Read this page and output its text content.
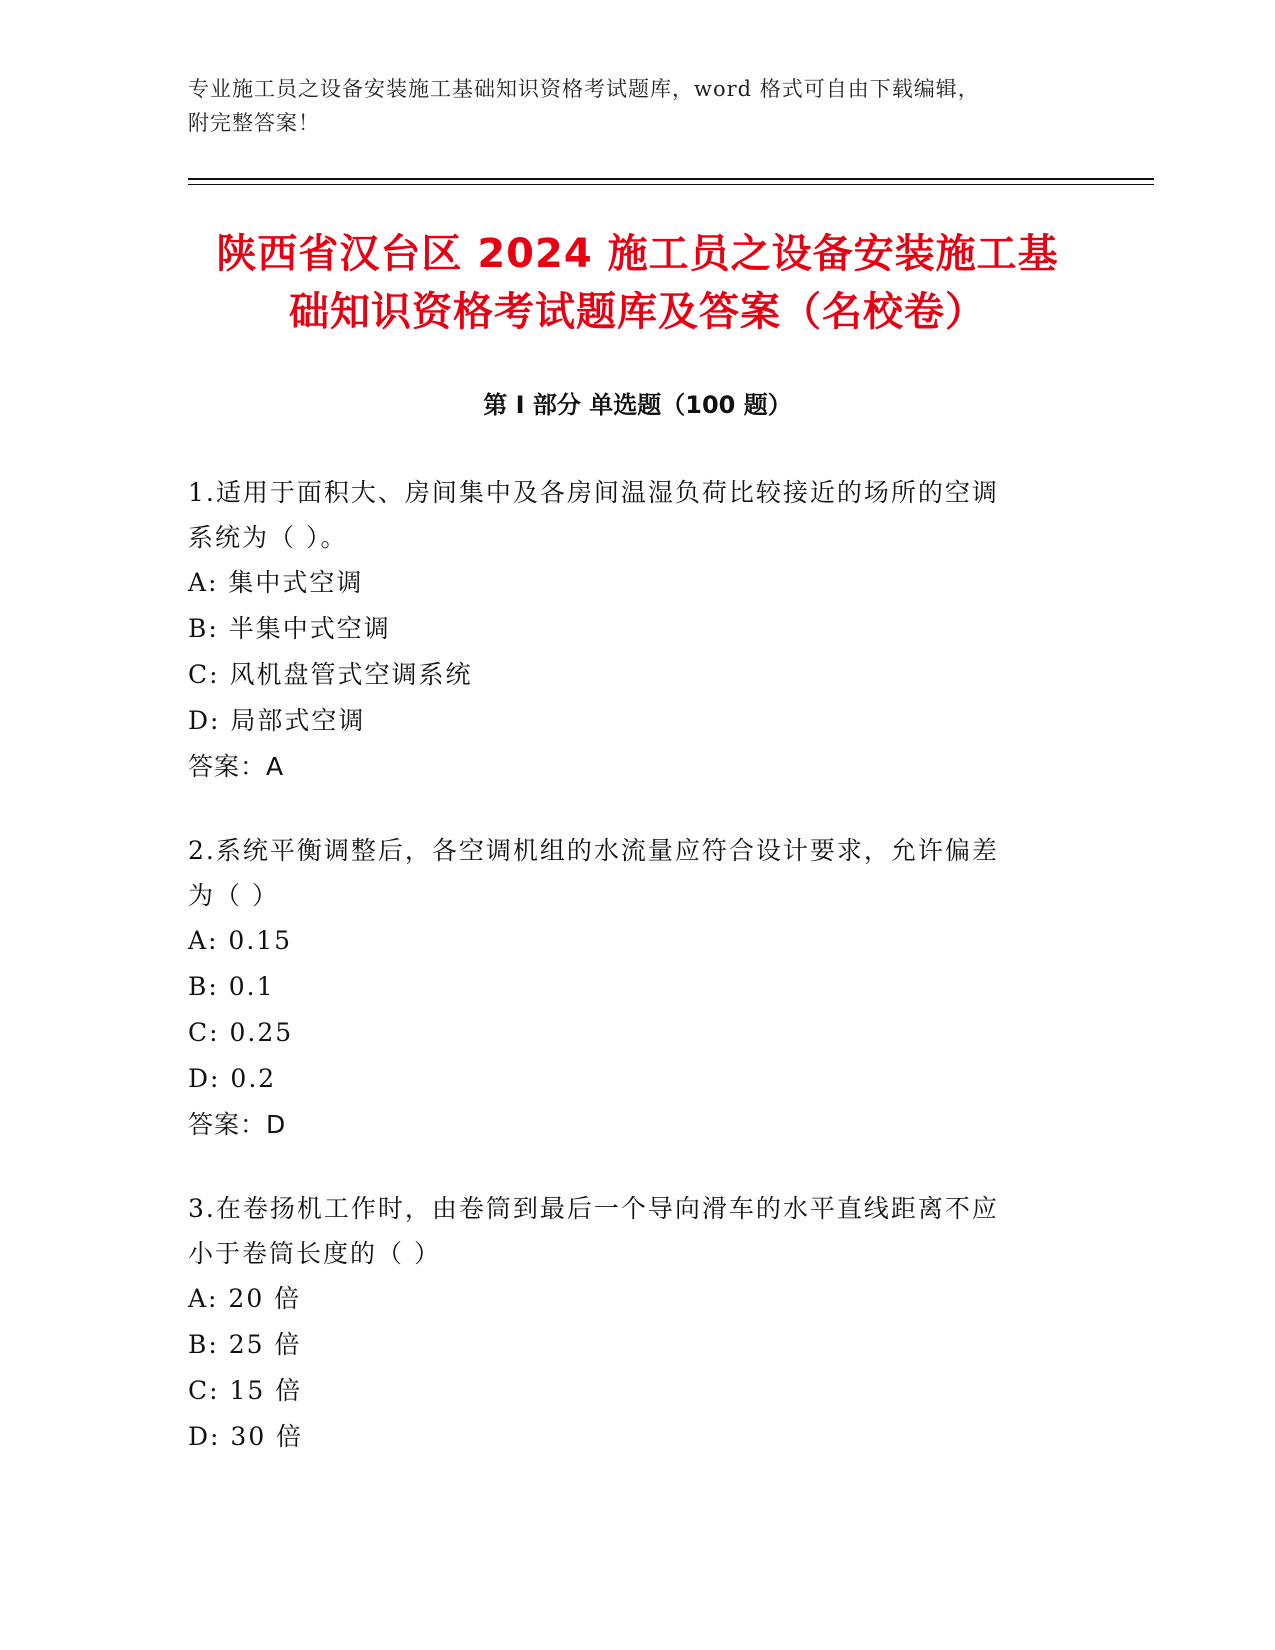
专业施工员之设备安装施工基础知识资格考试题库，word 格式可自由下载编辑，
附完整答案！
陕西省汉台区 2024 施工员之设备安装施工基
础知识资格考试题库及答案（名校卷）
第 I 部分 单选题（100 题）
1.适用于面积大、房间集中及各房间温湿负荷比较接近的场所的空调
系统为（ ）。
A: 集中式空调
B: 半集中式空调
C: 风机盘管式空调系统
D: 局部式空调
答案：A
2.系统平衡调整后，各空调机组的水流量应符合设计要求，允许偏差
为（ ）
A: 0.15
B: 0.1
C: 0.25
D: 0.2
答案：D
3.在卷扬机工作时，由卷筒到最后一个导向滑车的水平直线距离不应
小于卷筒长度的（ ）
A: 20 倍
B: 25 倍
C: 15 倍
D: 30 倍
